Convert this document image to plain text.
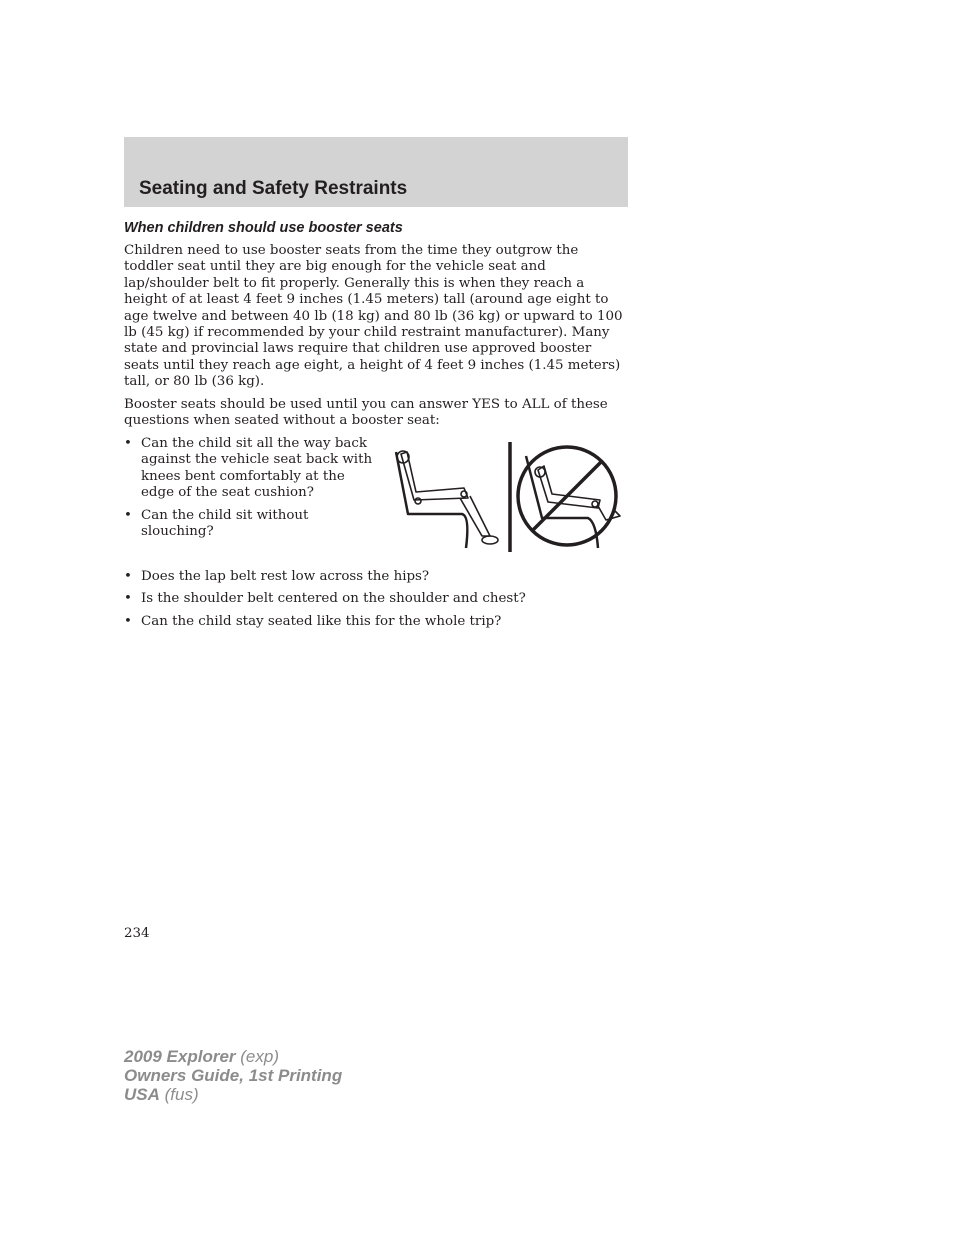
Seating and Safety Restraints
When children should use booster seats

Children need to use booster seats from the time they outgrow the toddler seat until they are big enough for the vehicle seat and lap/shoulder belt to fit properly. Generally this is when they reach a height of at least 4 feet 9 inches (1.45 meters) tall (around age eight to age twelve and between 40 lb (18 kg) and 80 lb (36 kg) or upward to 100 lb (45 kg) if recommended by your child restraint manufacturer). Many state and provincial laws require that children use approved booster seats until they reach age eight, a height of 4 feet 9 inches (1.45 meters) tall, or 80 lb (36 kg).

Booster seats should be used until you can answer YES to ALL of these questions when seated without a booster seat:

• Can the child sit all the way back against the vehicle seat back with knees bent comfortably at the edge of the seat cushion?
• Can the child sit without slouching?
• Does the lap belt rest low across the hips?
• Is the shoulder belt centered on the shoulder and chest?
• Can the child stay seated like this for the whole trip?

234

2009 Explorer (exp)
Owners Guide, 1st Printing
USA (fus)
